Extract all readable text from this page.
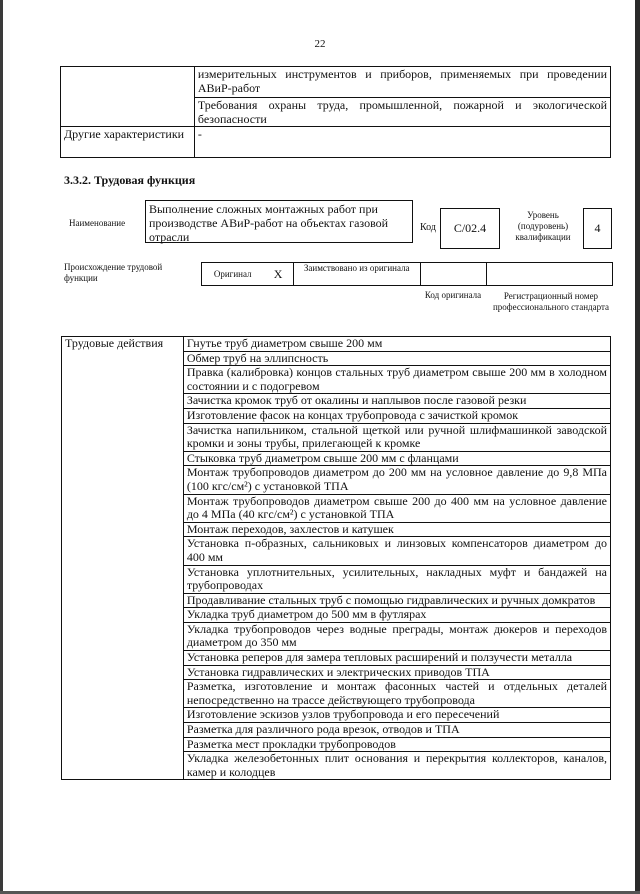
22
	измерительных инструментов и приборов, применяемых при проведении АВиР-работ
	Требования охраны труда, промышленной, пожарной и экологической безопасности
Другие характеристики	-
3.3.2. Трудовая функция
Наименование
Выполнение сложных монтажных работ при производстве АВиР-работ на объектах газовой отрасли
Код	С/02.4
Уровень (подуровень) квалификации
4
Происхождение трудовой функции	Оригинал	X	Заимствовано из оригинала		
Код оригинала	Регистрационный номер профессионального стандарта
Трудовые действия	Гнутье труб диаметром свыше 200 мм
Обмер труб на эллипсность
Правка (калибровка) концов стальных труб диаметром свыше 200 мм в холодном состоянии и с подогревом
Зачистка кромок труб от окалины и наплывов после газовой резки
Изготовление фасок на концах трубопровода с зачисткой кромок
Зачистка напильником, стальной щеткой или ручной шлифмашинкой заводской кромки и зоны трубы, прилегающей к кромке
Стыковка труб диаметром свыше 200 мм с фланцами
Монтаж трубопроводов диаметром до 200 мм на условное давление до 9,8 МПа (100 кгс/см²) с установкой ТПА
Монтаж трубопроводов диаметром свыше 200 до 400 мм на условное давление до 4 МПа (40 кгс/см²) с установкой ТПА
Монтаж переходов, захлестов и катушек
Установка п-образных, сальниковых и линзовых компенсаторов диаметром до 400 мм
Установка уплотнительных, усилительных, накладных муфт и бандажей на трубопроводах
Продавливание стальных труб с помощью гидравлических и ручных домкратов
Укладка труб диаметром до 500 мм в футлярах
Укладка трубопроводов через водные преграды, монтаж дюкеров и переходов диаметром до 350 мм
Установка реперов для замера тепловых расширений и ползучести металла
Установка гидравлических и электрических приводов ТПА
Разметка, изготовление и монтаж фасонных частей и отдельных деталей непосредственно на трассе действующего трубопровода
Изготовление эскизов узлов трубопровода и его пересечений
Разметка для различного рода врезок, отводов и ТПА
Разметка мест прокладки трубопроводов
Укладка железобетонных плит основания и перекрытия коллекторов, каналов, камер и колодцев
